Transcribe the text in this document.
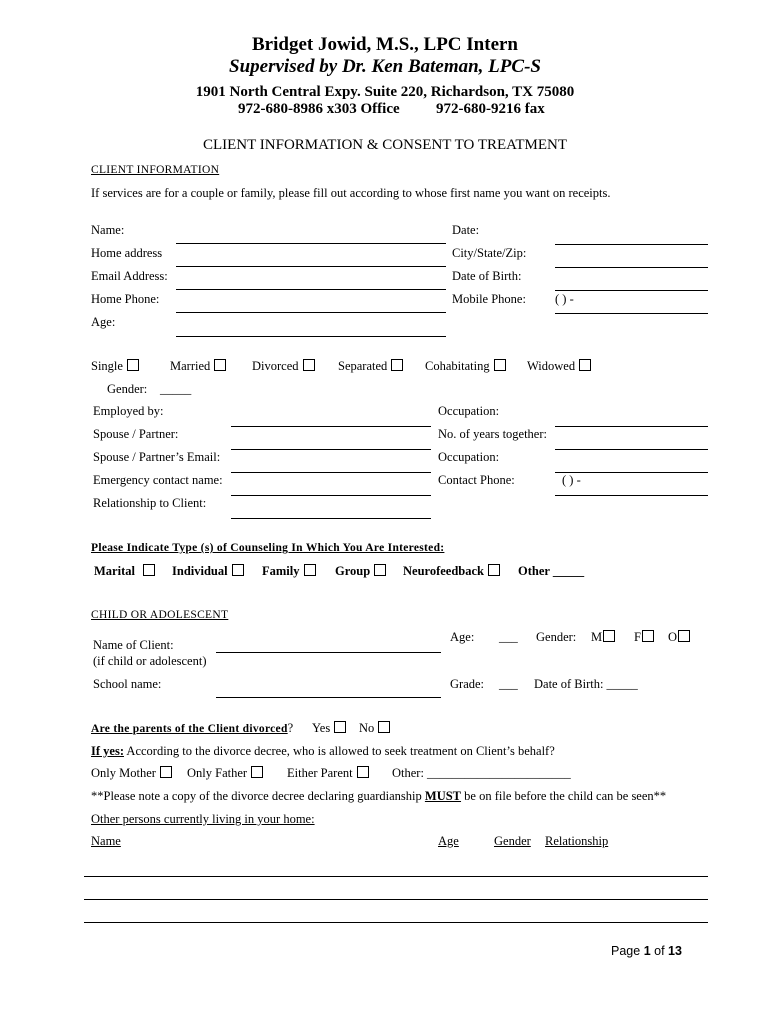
Bridget Jowid, M.S., LPC Intern
Supervised by Dr. Ken Bateman, LPC-S
1901 North Central Expy. Suite 220, Richardson, TX 75080
972-680-8986 x303 Office 972-680-9216 fax
CLIENT INFORMATION & CONSENT TO TREATMENT
CLIENT INFORMATION
If services are for a couple or family, please fill out according to whose first name you want on receipts.
Name:	Date:
Home address	City/State/Zip:
Email Address:	Date of Birth:
Home Phone:	Mobile Phone: ( ) -
Age:
Single	Married	Divorced	Separated	Cohabitating	Widowed
Gender: _____
Employed by:	Occupation:
Spouse / Partner:	No. of years together:
Spouse / Partner’s Email:	Occupation:
Emergency contact name:	Contact Phone:	( ) -
Relationship to Client:
Please Indicate Type (s) of Counseling In Which You Are Interested:
Marital	Individual	Family	Group	Neurofeedback	Other _____
CHILD OR ADOLESCENT
Name of Client:
(if child or adolescent)
Age: ___ Gender: M	F	O
School name:	Grade: ___ Date of Birth: _____
Are the parents of the Client divorced? Yes	No
If yes: According to the divorce decree, who is allowed to seek treatment on Client’s behalf?
Only Mother	Only Father	Either Parent	Other: _______________________
**Please note a copy of the divorce decree declaring guardianship MUST be on file before the child can be seen**
Other persons currently living in your home:
Name	Age	Gender Relationship
Page 1 of 13
